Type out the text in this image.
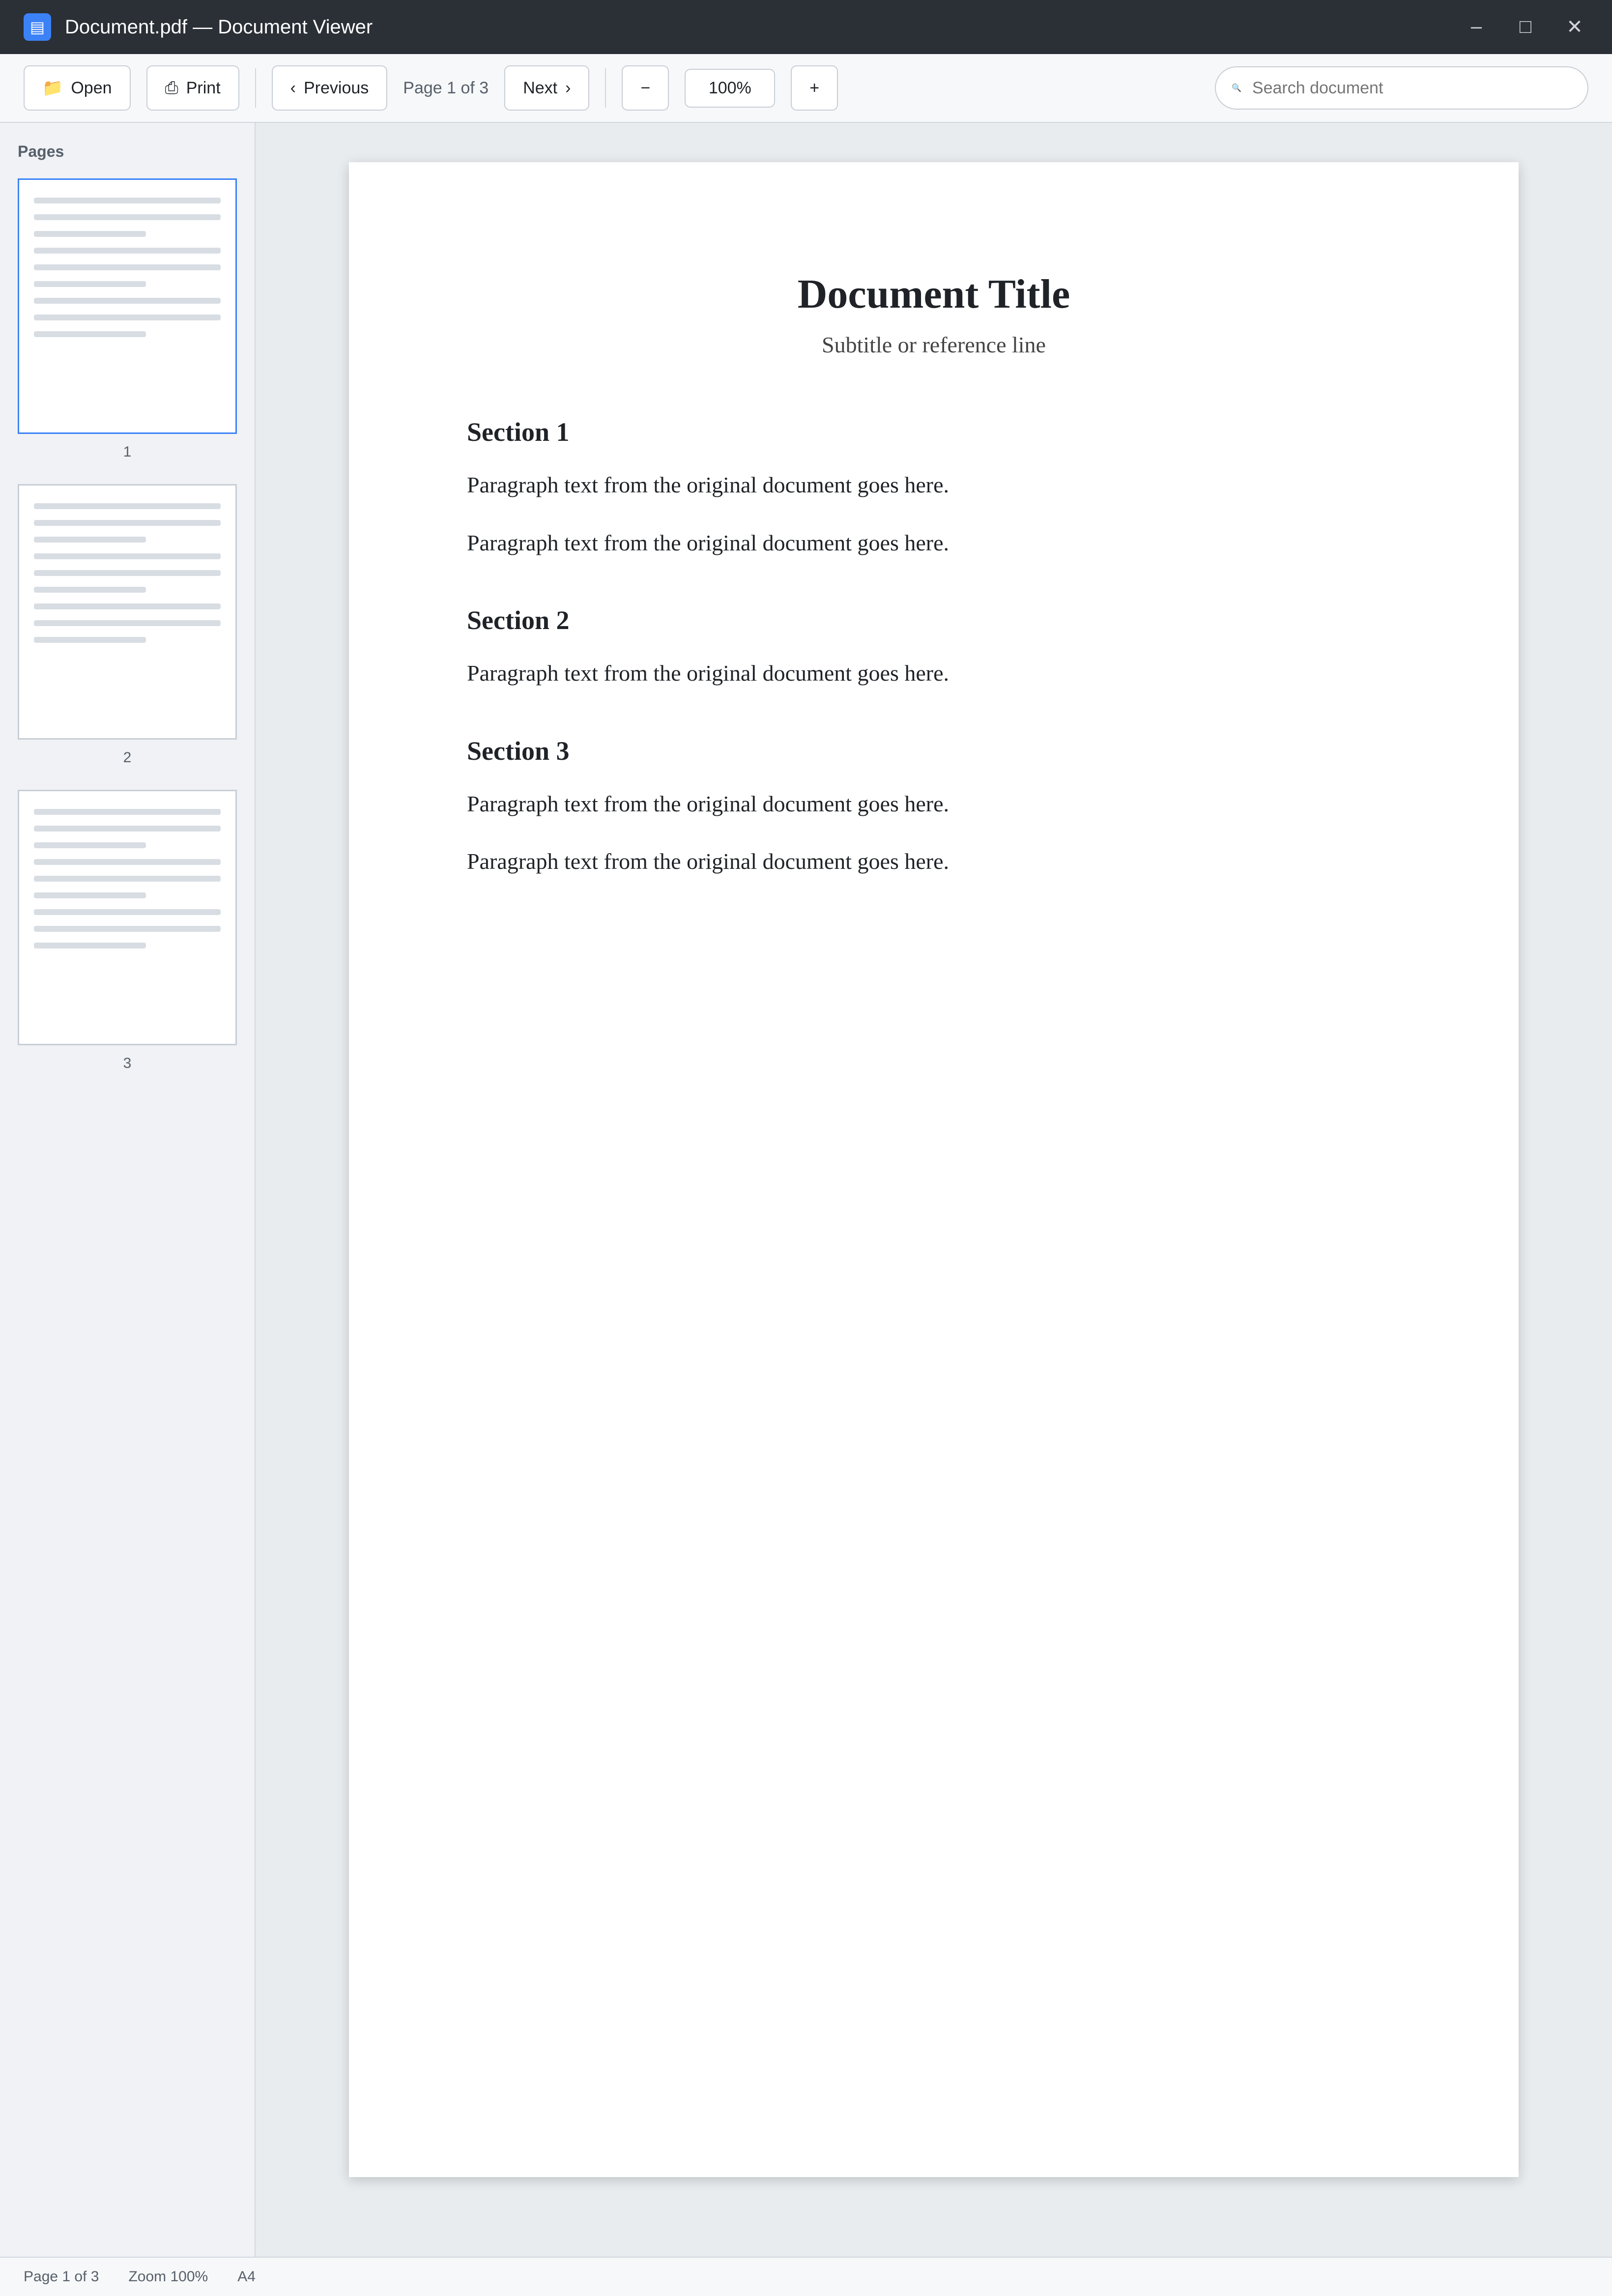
▤	Document.pdf — Document Viewer	–	□	✕
📁 Open	⎙ Print	‹ Previous Page 1 of 3 Next ›	−	100%	+	🔍
Search document
Pages
1
2
3
Document Title
Subtitle or reference line
Section 1

Paragraph text from the original document goes here.

Paragraph text from the original document goes here.

Section 2

Paragraph text from the original document goes here.

Section 3

Paragraph text from the original document goes here.

Paragraph text from the original document goes here.

Page 1 of 3 Zoom 100% A4
